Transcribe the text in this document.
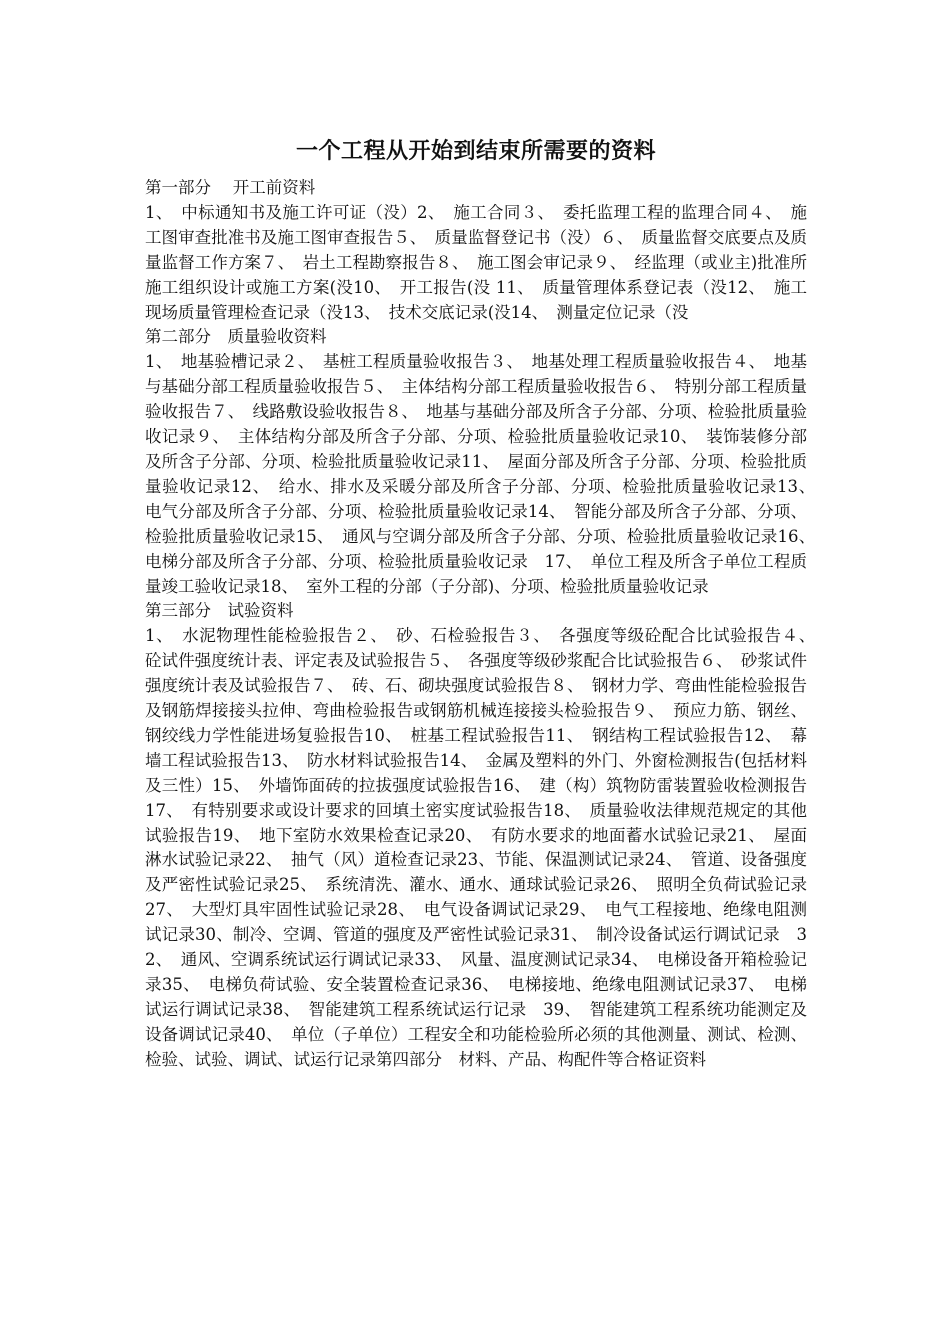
一个工程从开始到结束所需要的资料
第一部分　 开工前资料
1、　中标通知书及施工许可证（没）2、　施工合同３、　委托监理工程的监理合同４、　施工图审查批准书及施工图审查报告５、　质量监督登记书（没）６、　质量监督交底要点及质量监督工作方案７、　岩土工程勘察报告８、　施工图会审记录９、　经监理（或业主)批准所施工组织设计或施工方案(没10、　开工报告(没 11、　质量管理体系登记表（没12、　施工现场质量管理检查记录（没13、　技术交底记录(没14、　测量定位记录（没
第二部分　质量验收资料
1、　地基验槽记录２、　基桩工程质量验收报告３、　地基处理工程质量验收报告４、　地基与基础分部工程质量验收报告５、　主体结构分部工程质量验收报告６、　特别分部工程质量验收报告７、　线路敷设验收报告８、　地基与基础分部及所含子分部、分项、检验批质量验收记录９、　主体结构分部及所含子分部、分项、检验批质量验收记录10、　装饰装修分部及所含子分部、分项、检验批质量验收记录11、　屋面分部及所含子分部、分项、检验批质量验收记录12、　给水、排水及采暖分部及所含子分部、分项、检验批质量验收记录13、　电气分部及所含子分部、分项、检验批质量验收记录14、　智能分部及所含子分部、分项、检验批质量验收记录15、　通风与空调分部及所含子分部、分项、检验批质量验收记录16、　电梯分部及所含子分部、分项、检验批质量验收记录　17、　单位工程及所含子单位工程质量竣工验收记录18、　室外工程的分部（子分部)、分项、检验批质量验收记录
第三部分　试验资料
1、　水泥物理性能检验报告２、　砂、石检验报告３、　各强度等级砼配合比试验报告４、　砼试件强度统计表、评定表及试验报告５、　各强度等级砂浆配合比试验报告６、　砂浆试件强度统计表及试验报告７、　砖、石、砌块强度试验报告８、　钢材力学、弯曲性能检验报告及钢筋焊接接头拉伸、弯曲检验报告或钢筋机械连接接头检验报告９、　预应力筋、钢丝、钢绞线力学性能进场复验报告10、　桩基工程试验报告11、　钢结构工程试验报告12、　幕墙工程试验报告13、　防水材料试验报告14、　金属及塑料的外门、外窗检测报告(包括材料及三性）15、　外墙饰面砖的拉拔强度试验报告16、　建（构）筑物防雷装置验收检测报告17、　有特别要求或设计要求的回填土密实度试验报告18、　质量验收法律规范规定的其他试验报告19、　地下室防水效果检查记录20、　有防水要求的地面蓄水试验记录21、　屋面淋水试验记录22、　抽气（风）道检查记录23、节能、保温测试记录24、　管道、设备强度及严密性试验记录25、　系统清洗、灌水、通水、通球试验记录26、　照明全负荷试验记录27、　大型灯具牢固性试验记录28、　电气设备调试记录29、　电气工程接地、绝缘电阻测试记录30、制冷、空调、管道的强度及严密性试验记录31、　制冷设备试运行调试记录　32、　通风、空调系统试运行调试记录33、　风量、温度测试记录34、　电梯设备开箱检验记录35、　电梯负荷试验、安全装置检查记录36、　电梯接地、绝缘电阻测试记录37、　电梯试运行调试记录38、　智能建筑工程系统试运行记录　39、　智能建筑工程系统功能测定及设备调试记录40、　单位（子单位）工程安全和功能检验所必须的其他测量、测试、检测、检验、试验、调试、试运行记录第四部分　材料、产品、构配件等合格证资料
